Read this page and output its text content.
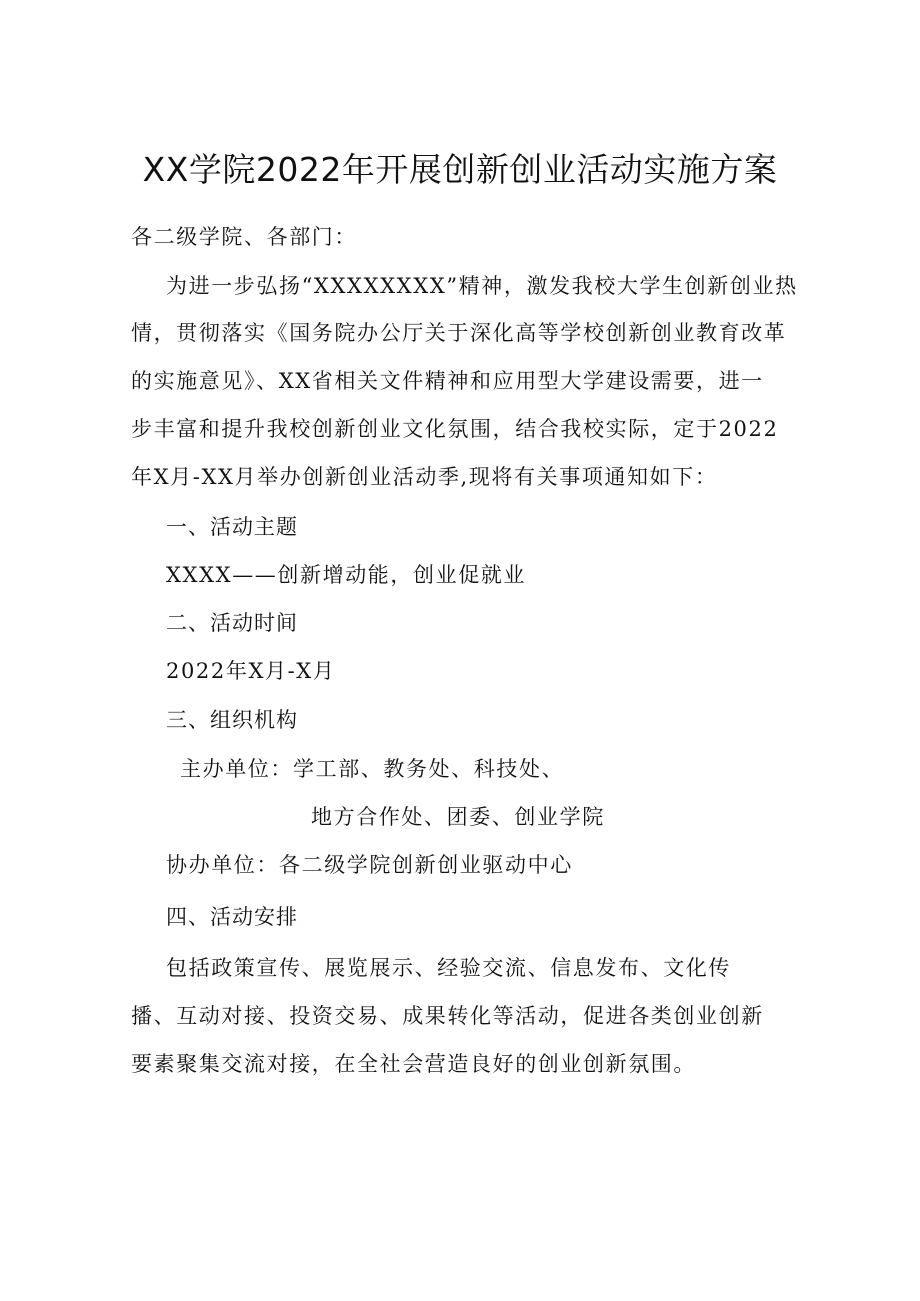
XX学院2022年开展创新创业活动实施方案
各二级学院、各部门：
为进一步弘扬“XXXXXXXX”精神，激发我校大学生创新创业热
情，贯彻落实《国务院办公厅关于深化高等学校创新创业教育改革
的实施意见》、XX省相关文件精神和应用型大学建设需要，进一
步丰富和提升我校创新创业文化氛围，结合我校实际，定于2022
年X月-XX月举办创新创业活动季,现将有关事项通知如下：
一、活动主题
XXXX——创新增动能，创业促就业
二、活动时间
2022年X月-X月
三、组织机构
主办单位：学工部、教务处、科技处、
地方合作处、团委、创业学院
协办单位：各二级学院创新创业驱动中心
四、活动安排
包括政策宣传、展览展示、经验交流、信息发布、文化传
播、互动对接、投资交易、成果转化等活动，促进各类创业创新
要素聚集交流对接，在全社会营造良好的创业创新氛围。
